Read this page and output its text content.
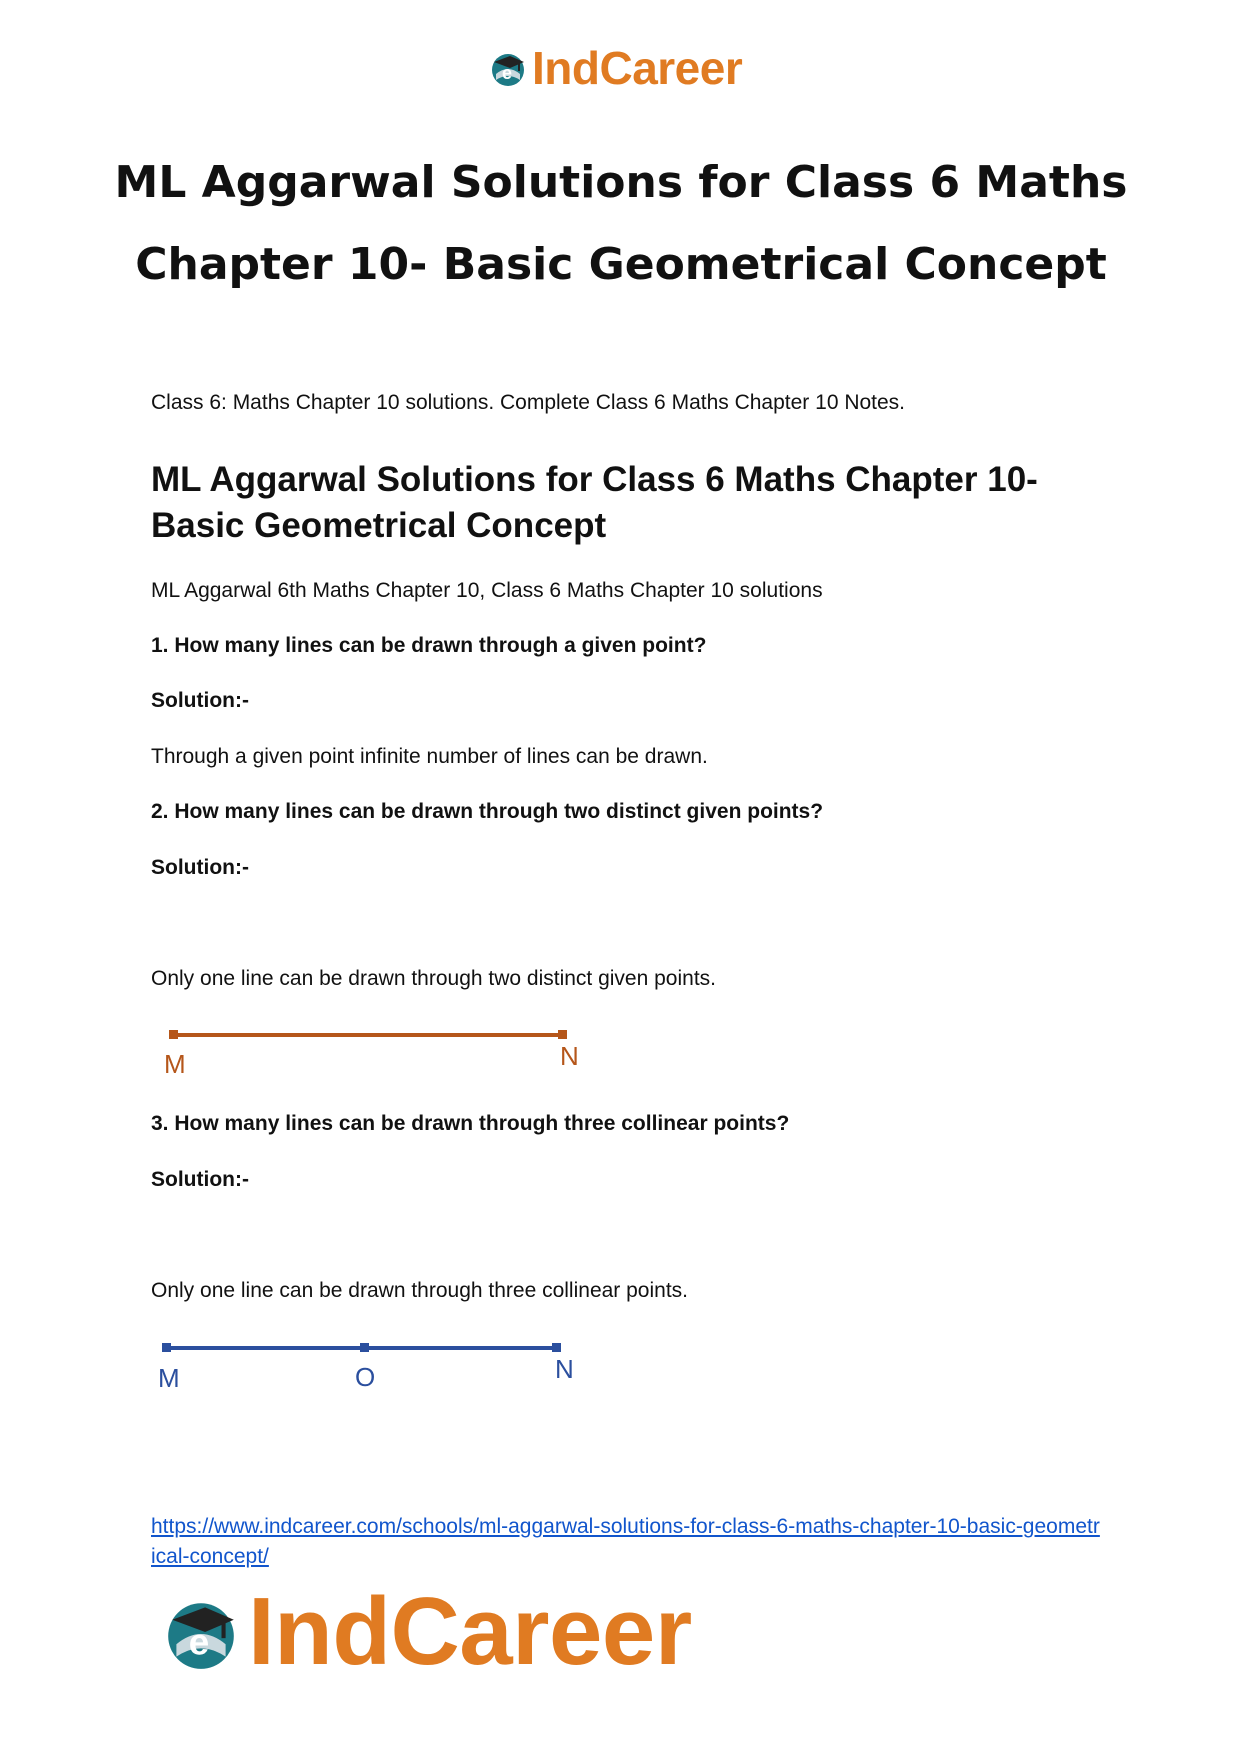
e IndCareer
ML Aggarwal Solutions for Class 6 Maths
Chapter 10- Basic Geometrical Concept

Class 6: Maths Chapter 10 solutions. Complete Class 6 Maths Chapter 10 Notes.

ML Aggarwal Solutions for Class 6 Maths Chapter 10- Basic Geometrical Concept

ML Aggarwal 6th Maths Chapter 10, Class 6 Maths Chapter 10 solutions

1. How many lines can be drawn through a given point?

Solution:-

Through a given point infinite number of lines can be drawn.

2. How many lines can be drawn through two distinct given points?

Solution:-

Only one line can be drawn through two distinct given points.

M	N

3. How many lines can be drawn through three collinear points?

Solution:-

Only one line can be drawn through three collinear points.

M	O	N
https://www.indcareer.com/schools/ml-aggarwal-solutions-for-class-6-maths-chapter-10-basic-geometrical-concept/
e IndCareer
